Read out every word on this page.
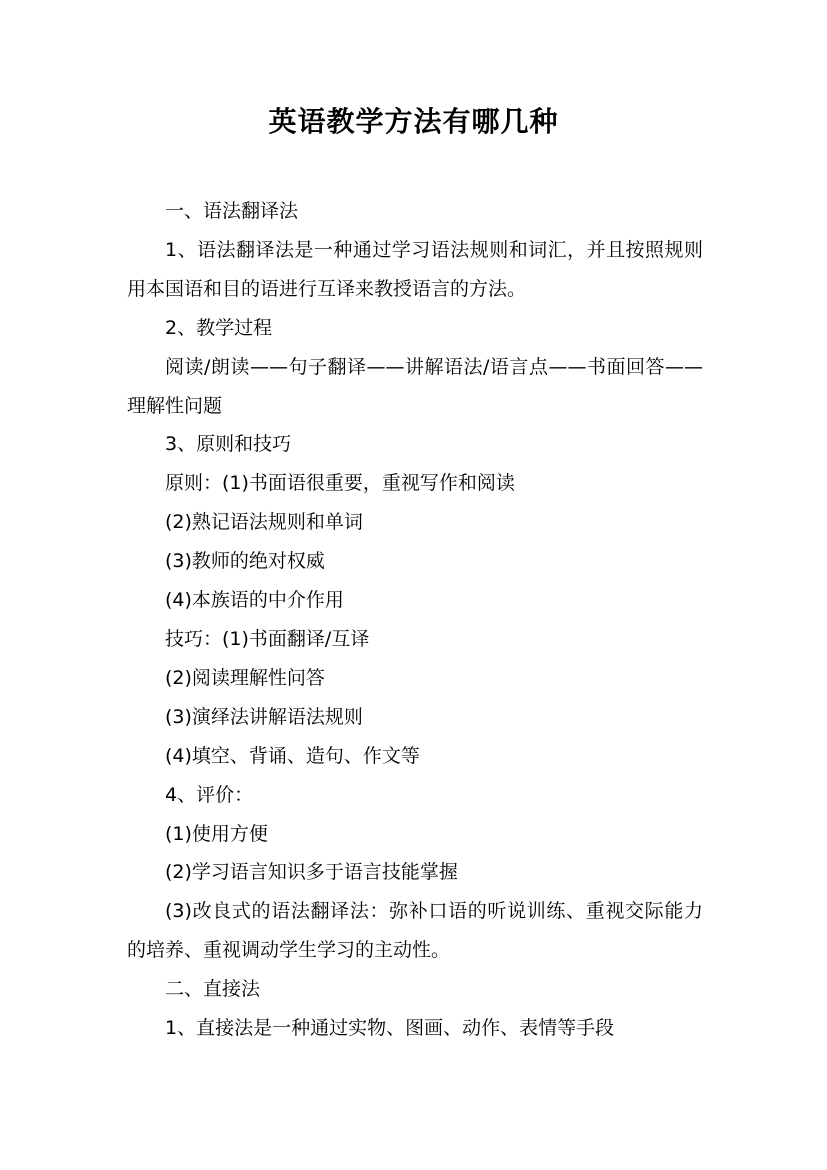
英语教学方法有哪几种

一、语法翻译法

1、语法翻译法是一种通过学习语法规则和词汇，并且按照规则用本国语和目的语进行互译来教授语言的方法。

2、教学过程

阅读/朗读——句子翻译——讲解语法/语言点——书面回答——理解性问题

3、原则和技巧

原则：(1)书面语很重要，重视写作和阅读

(2)熟记语法规则和单词

(3)教师的绝对权威

(4)本族语的中介作用

技巧：(1)书面翻译/互译

(2)阅读理解性问答

(3)演绎法讲解语法规则

(4)填空、背诵、造句、作文等

4、评价：

(1)使用方便

(2)学习语言知识多于语言技能掌握

(3)改良式的语法翻译法：弥补口语的听说训练、重视交际能力的培养、重视调动学生学习的主动性。

二、直接法

1、直接法是一种通过实物、图画、动作、表情等手段
